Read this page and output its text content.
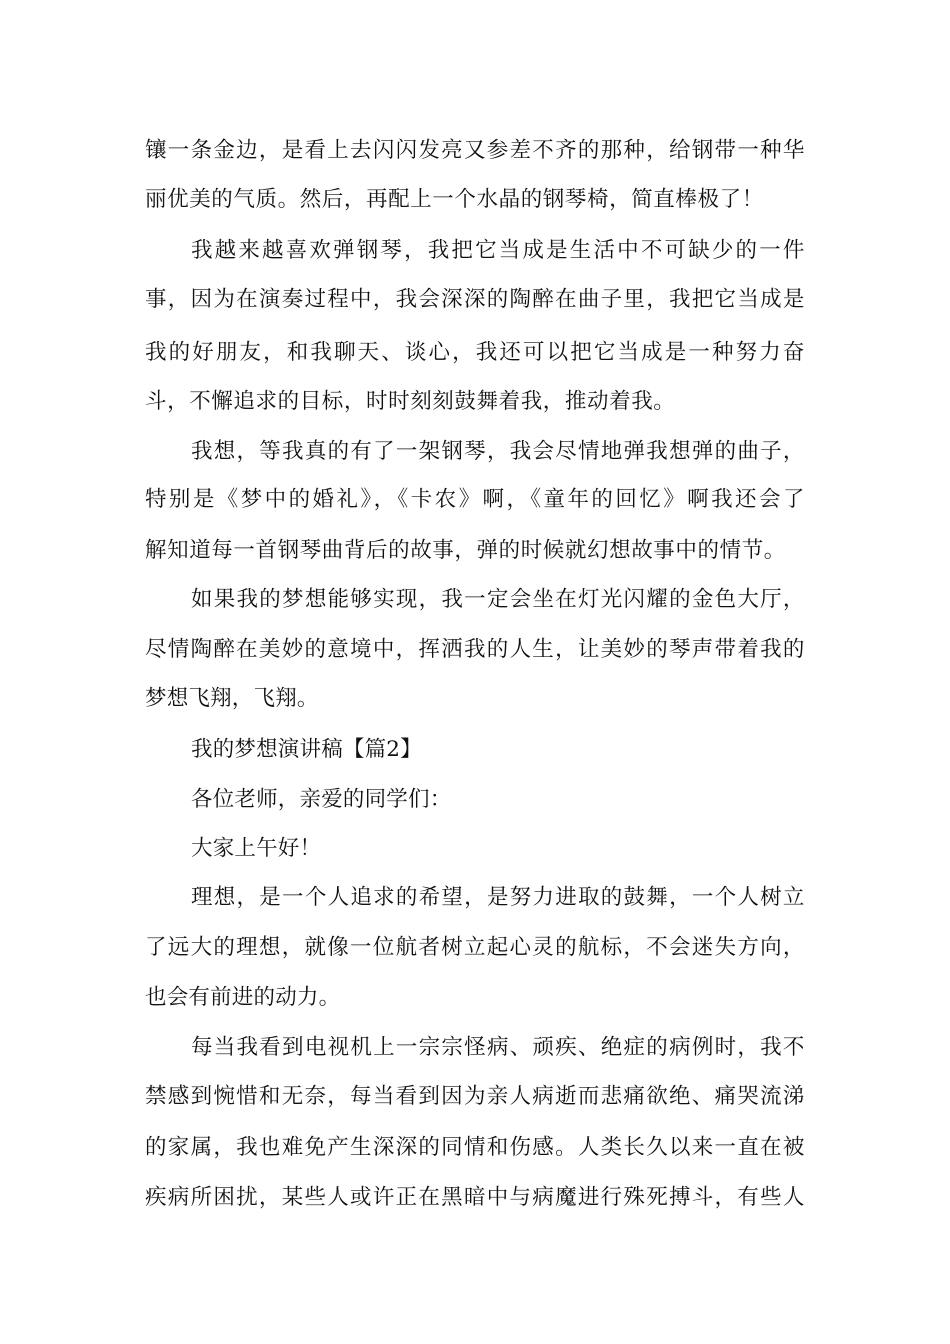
镶一条金边，是看上去闪闪发亮又参差不齐的那种，给钢带一种华
丽优美的气质。然后，再配上一个水晶的钢琴椅，简直棒极了！
我越来越喜欢弹钢琴，我把它当成是生活中不可缺少的一件
事，因为在演奏过程中，我会深深的陶醉在曲子里，我把它当成是
我的好朋友，和我聊天、谈心，我还可以把它当成是一种努力奋
斗，不懈追求的目标，时时刻刻鼓舞着我，推动着我。
我想，等我真的有了一架钢琴，我会尽情地弹我想弹的曲子，
特别是《梦中的婚礼》，《卡农》啊，《童年的回忆》啊我还会了
解知道每一首钢琴曲背后的故事，弹的时候就幻想故事中的情节。
如果我的梦想能够实现，我一定会坐在灯光闪耀的金色大厅，
尽情陶醉在美妙的意境中，挥洒我的人生，让美妙的琴声带着我的
梦想飞翔，飞翔。
我的梦想演讲稿【篇2】
各位老师，亲爱的同学们：
大家上午好！
理想，是一个人追求的希望，是努力进取的鼓舞，一个人树立
了远大的理想，就像一位航者树立起心灵的航标，不会迷失方向，
也会有前进的动力。
每当我看到电视机上一宗宗怪病、顽疾、绝症的病例时，我不
禁感到惋惜和无奈，每当看到因为亲人病逝而悲痛欲绝、痛哭流涕
的家属，我也难免产生深深的同情和伤感。人类长久以来一直在被
疾病所困扰，某些人或许正在黑暗中与病魔进行殊死搏斗，有些人
